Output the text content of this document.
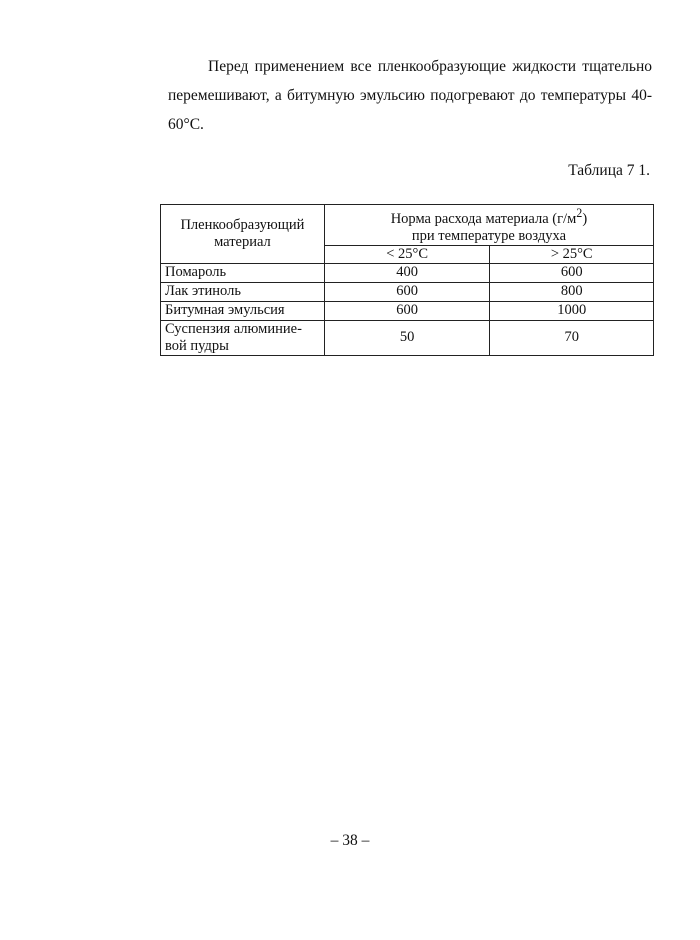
Перед применением все пленкообразующие жидкости тщательно
перемешивают, а битумную эмульсию подогревают до температуры 40-
60°C.

Таблица 7 1.

Пленкообразующий материал	Норма расхода материала $(г/м^2)$
при температуре воздуха	
	< 25°C	> 25°C
Помароль	400	600
Лак этиноль	600	800
Битумная эмульсия	600	1000
Суспензия алюминие-вой пудры	50	70

– 38 –
